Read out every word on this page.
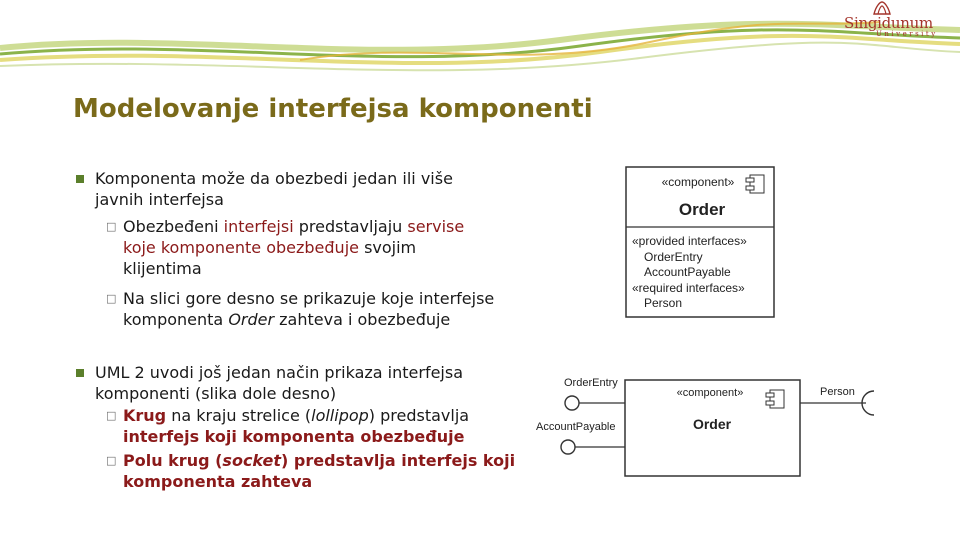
Singidunum
University
Modelovanje interfejsa komponenti
Komponenta može da obezbedi jedan ili više
javnih interfejsa
□ Obezbeđeni interfejsi predstavljaju servise
koje komponente obezbeđuje svojim
klijentima
□ Na slici gore desno se prikazuje koje interfejse
komponenta Order zahteva i obezbeđuje
UML 2 uvodi još jedan način prikaza interfejsa
komponenti (slika dole desno)
□ Krug na kraju strelice (lollipop) predstavlja
interfejs koji komponenta obezbeđuje
□ Polu krug (socket) predstavlja interfejs koji
komponenta zahteva
«component»
Order
«provided interfaces»
OrderEntry
AccountPayable
«required interfaces»
Person
OrderEntry
AccountPayable
Person
«component»
Order
